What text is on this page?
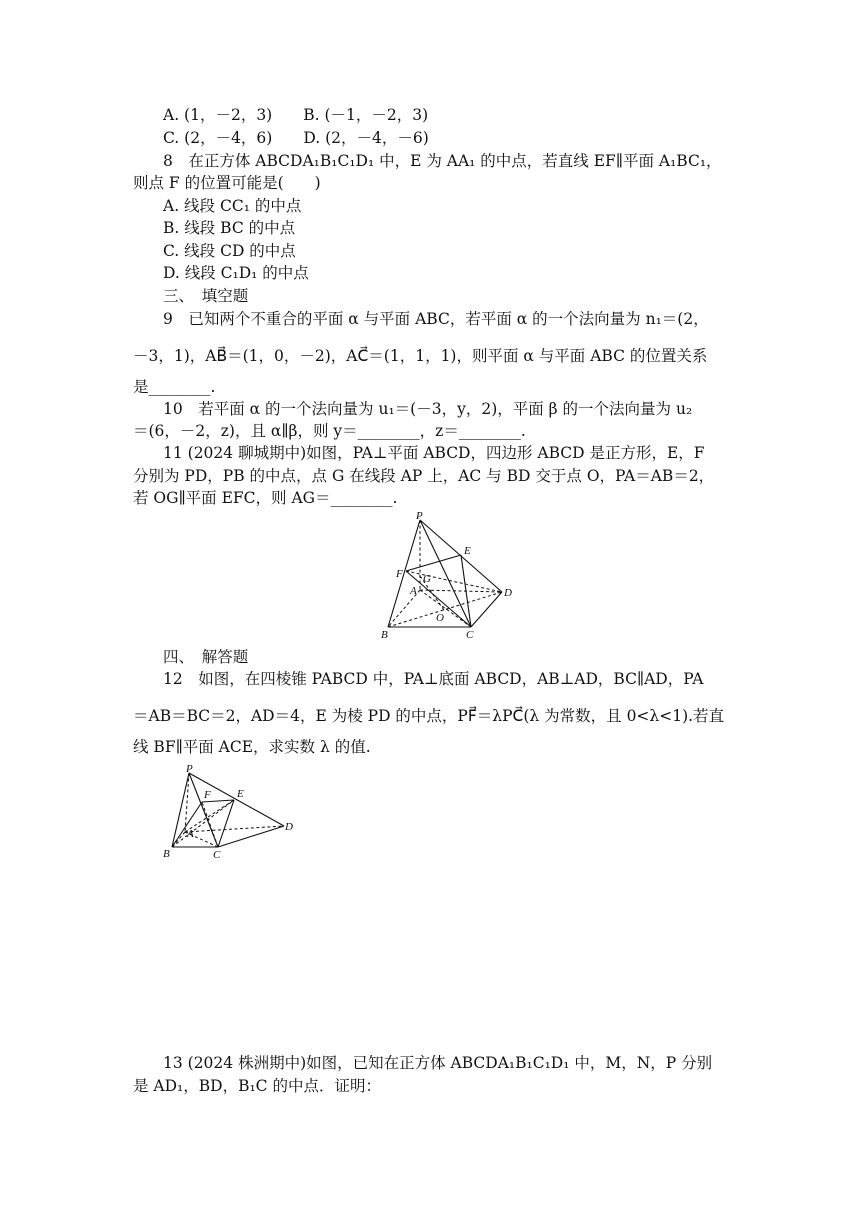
A. (1，－2，3)　　B. (－1，－2，3)
C. (2，－4，6)　　D. (2，－4，－6)
8　在正方体 ABCDA₁B₁C₁D₁ 中，E 为 AA₁ 的中点，若直线 EF∥平面 A₁BC₁，
则点 F 的位置可能是(　　)
A. 线段 CC₁ 的中点
B. 线段 BC 的中点
C. 线段 CD 的中点
D. 线段 C₁D₁ 的中点
三、　填空题
9　已知两个不重合的平面 α 与平面 ABC，若平面 α 的一个法向量为 n₁＝(2，
－3，1)，AB⃗＝(1，0，－2)，AC⃗＝(1，1，1)，则平面 α 与平面 ABC 的位置关系
是________.
10　若平面 α 的一个法向量为 u₁＝(－3，y，2)，平面 β 的一个法向量为 u₂
＝(6，－2，z)，且 α∥β，则 y＝________，z＝________.
11 (2024 聊城期中)如图，PA⊥平面 ABCD，四边形 ABCD 是正方形，E，F
分别为 PD，PB 的中点，点 G 在线段 AP 上，AC 与 BD 交于点 O，PA＝AB＝2，
若 OG∥平面 EFC，则 AG＝________.
P
E
F G
A	D
O
B	C
四、　解答题
12　如图，在四棱锥 PABCD 中，PA⊥底面 ABCD，AB⊥AD，BC∥AD，PA
＝AB＝BC＝2，AD＝4，E 为棱 PD 的中点，PF⃗＝λPC⃗(λ 为常数，且 0<λ<1).若直
线 BF∥平面 ACE，求实数 λ 的值.
P
E
F
A
D
B	C
13 (2024 株洲期中)如图，已知在正方体 ABCDA₁B₁C₁D₁ 中，M，N，P 分别
是 AD₁，BD，B₁C 的中点．证明：
